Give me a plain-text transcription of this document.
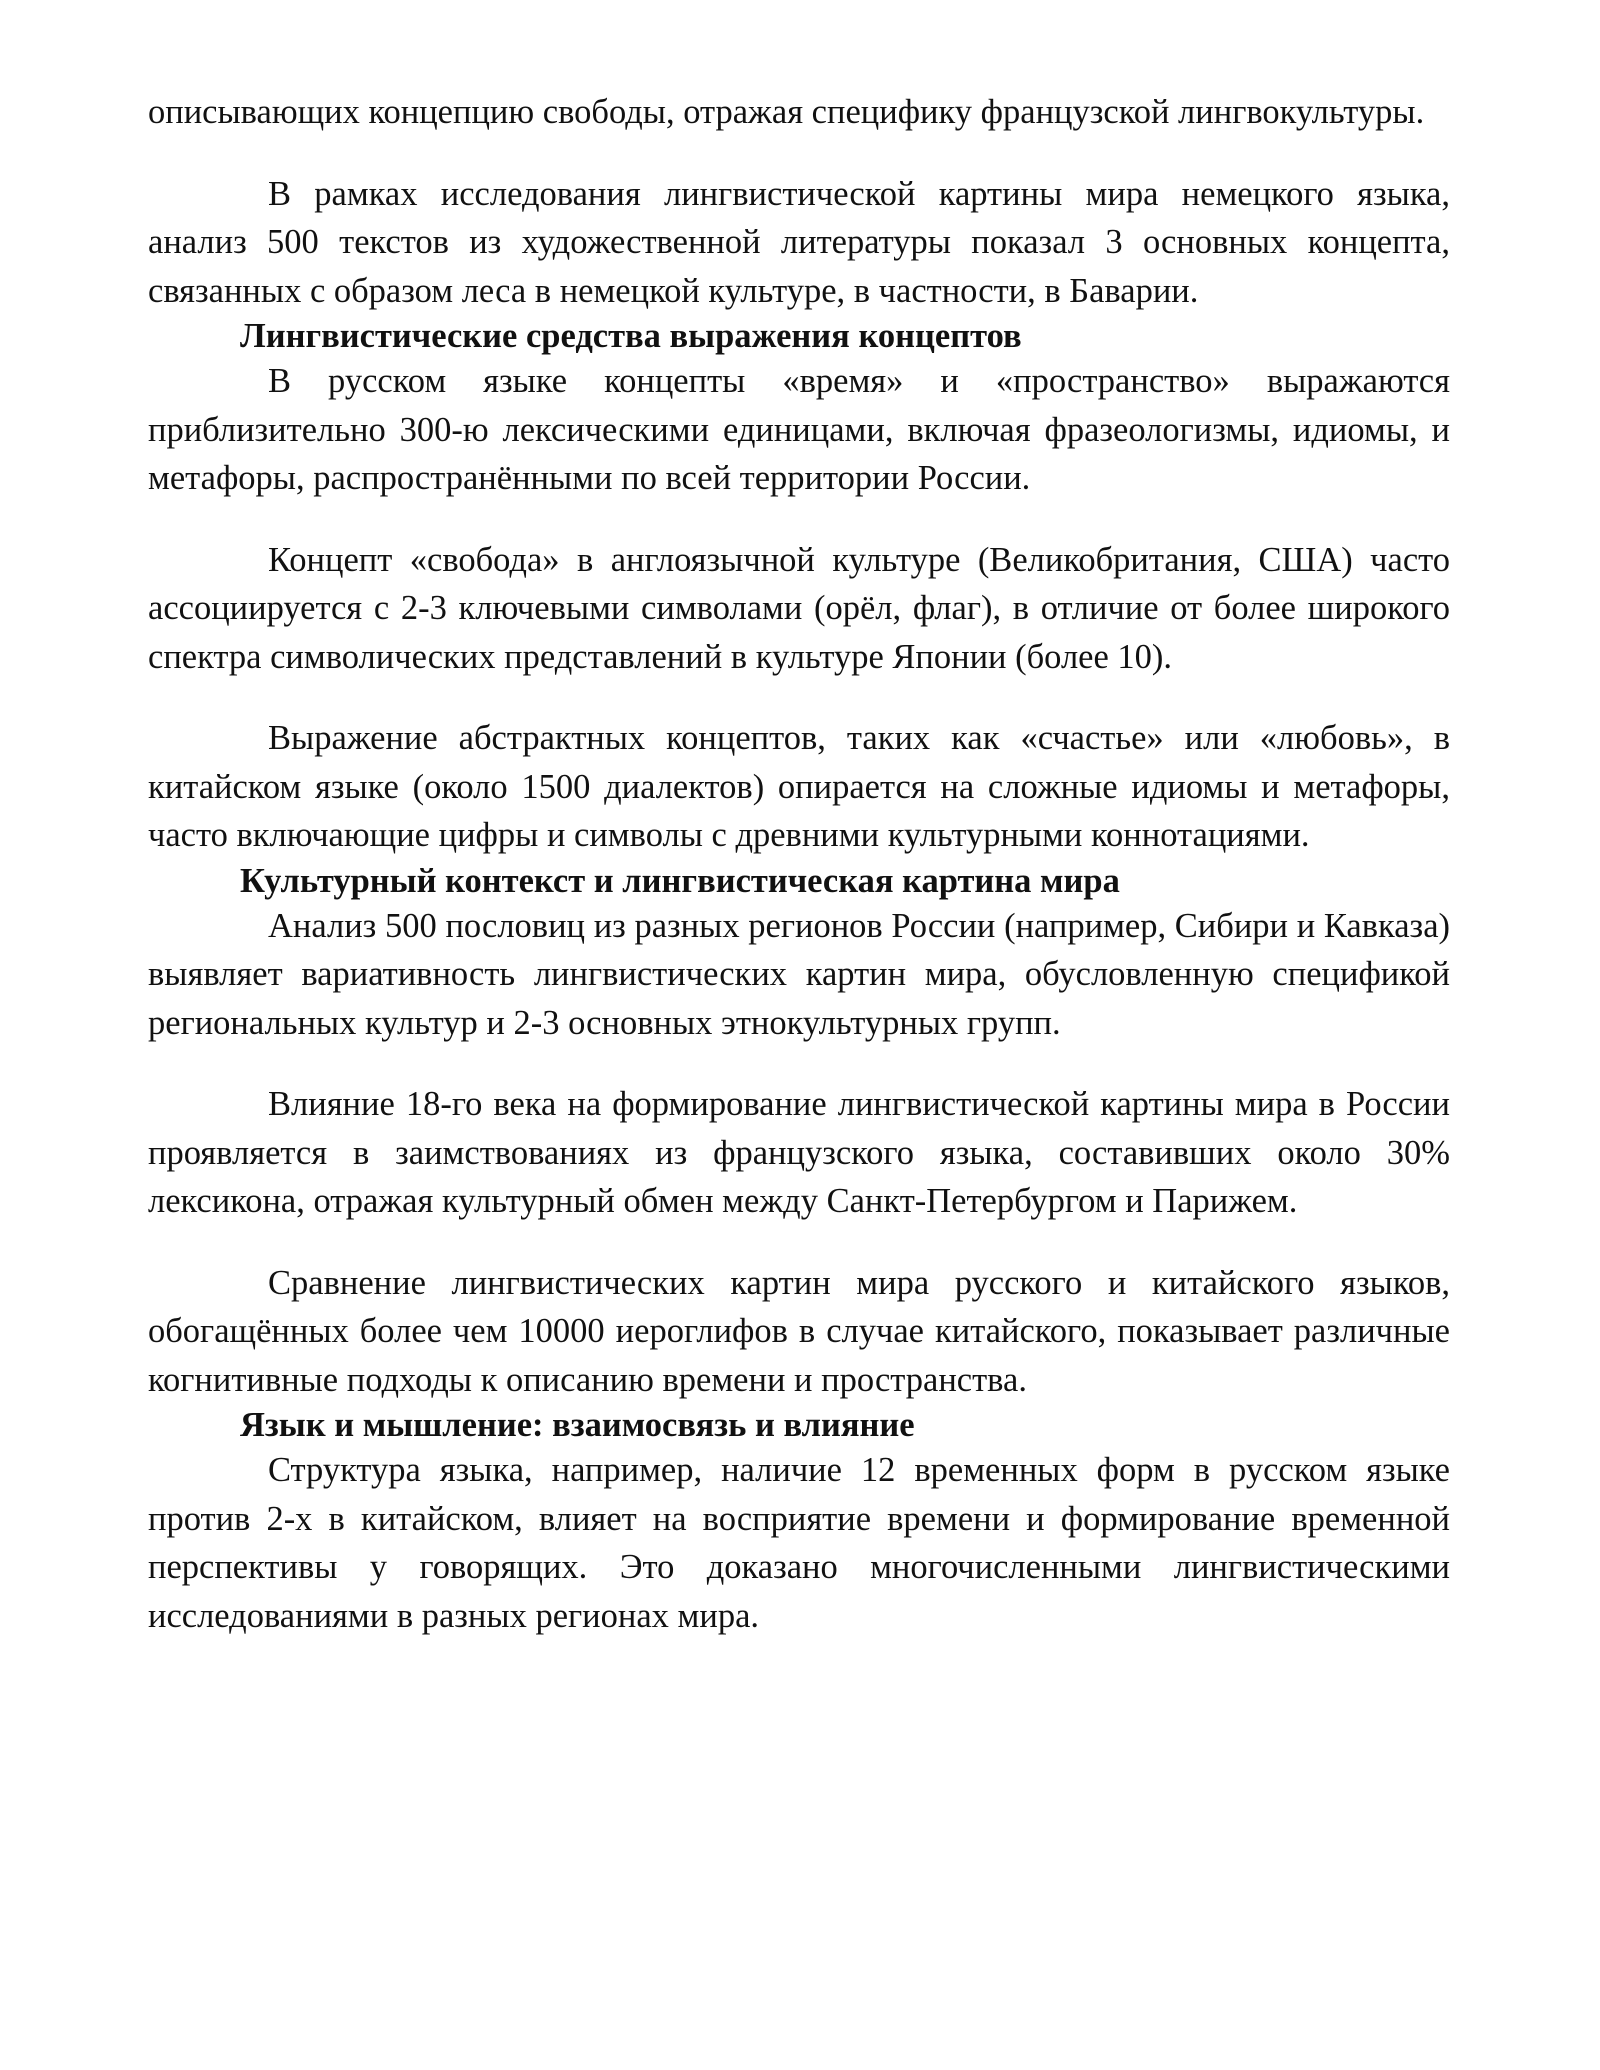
описывающих концепцию свободы, отражая специфику французской лингвокультуры.

В рамках исследования лингвистической картины мира немецкого языка, анализ 500 текстов из художественной литературы показал 3 основных концепта, связанных с образом леса в немецкой культуре, в частности, в Баварии.

Лингвистические средства выражения концептов

В русском языке концепты «время» и «пространство» выражаются приблизительно 300-ю лексическими единицами, включая фразеологизмы, идиомы, и метафоры, распространёнными по всей территории России.

Концепт «свобода» в англоязычной культуре (Великобритания, США) часто ассоциируется с 2-3 ключевыми символами (орёл, флаг), в отличие от более широкого спектра символических представлений в культуре Японии (более 10).

Выражение абстрактных концептов, таких как «счастье» или «любовь», в китайском языке (около 1500 диалектов) опирается на сложные идиомы и метафоры, часто включающие цифры и символы с древними культурными коннотациями.

Культурный контекст и лингвистическая картина мира

Анализ 500 пословиц из разных регионов России (например, Сибири и Кавказа) выявляет вариативность лингвистических картин мира, обусловленную спецификой региональных культур и 2-3 основных этнокультурных групп.

Влияние 18-го века на формирование лингвистической картины мира в России проявляется в заимствованиях из французского языка, составивших около 30% лексикона, отражая культурный обмен между Санкт-Петербургом и Парижем.

Сравнение лингвистических картин мира русского и китайского языков, обогащённых более чем 10000 иероглифов в случае китайского, показывает различные когнитивные подходы к описанию времени и пространства.

Язык и мышление: взаимосвязь и влияние

Структура языка, например, наличие 12 временных форм в русском языке против 2-х в китайском, влияет на восприятие времени и формирование временной перспективы у говорящих. Это доказано многочисленными лингвистическими исследованиями в разных регионах мира.
